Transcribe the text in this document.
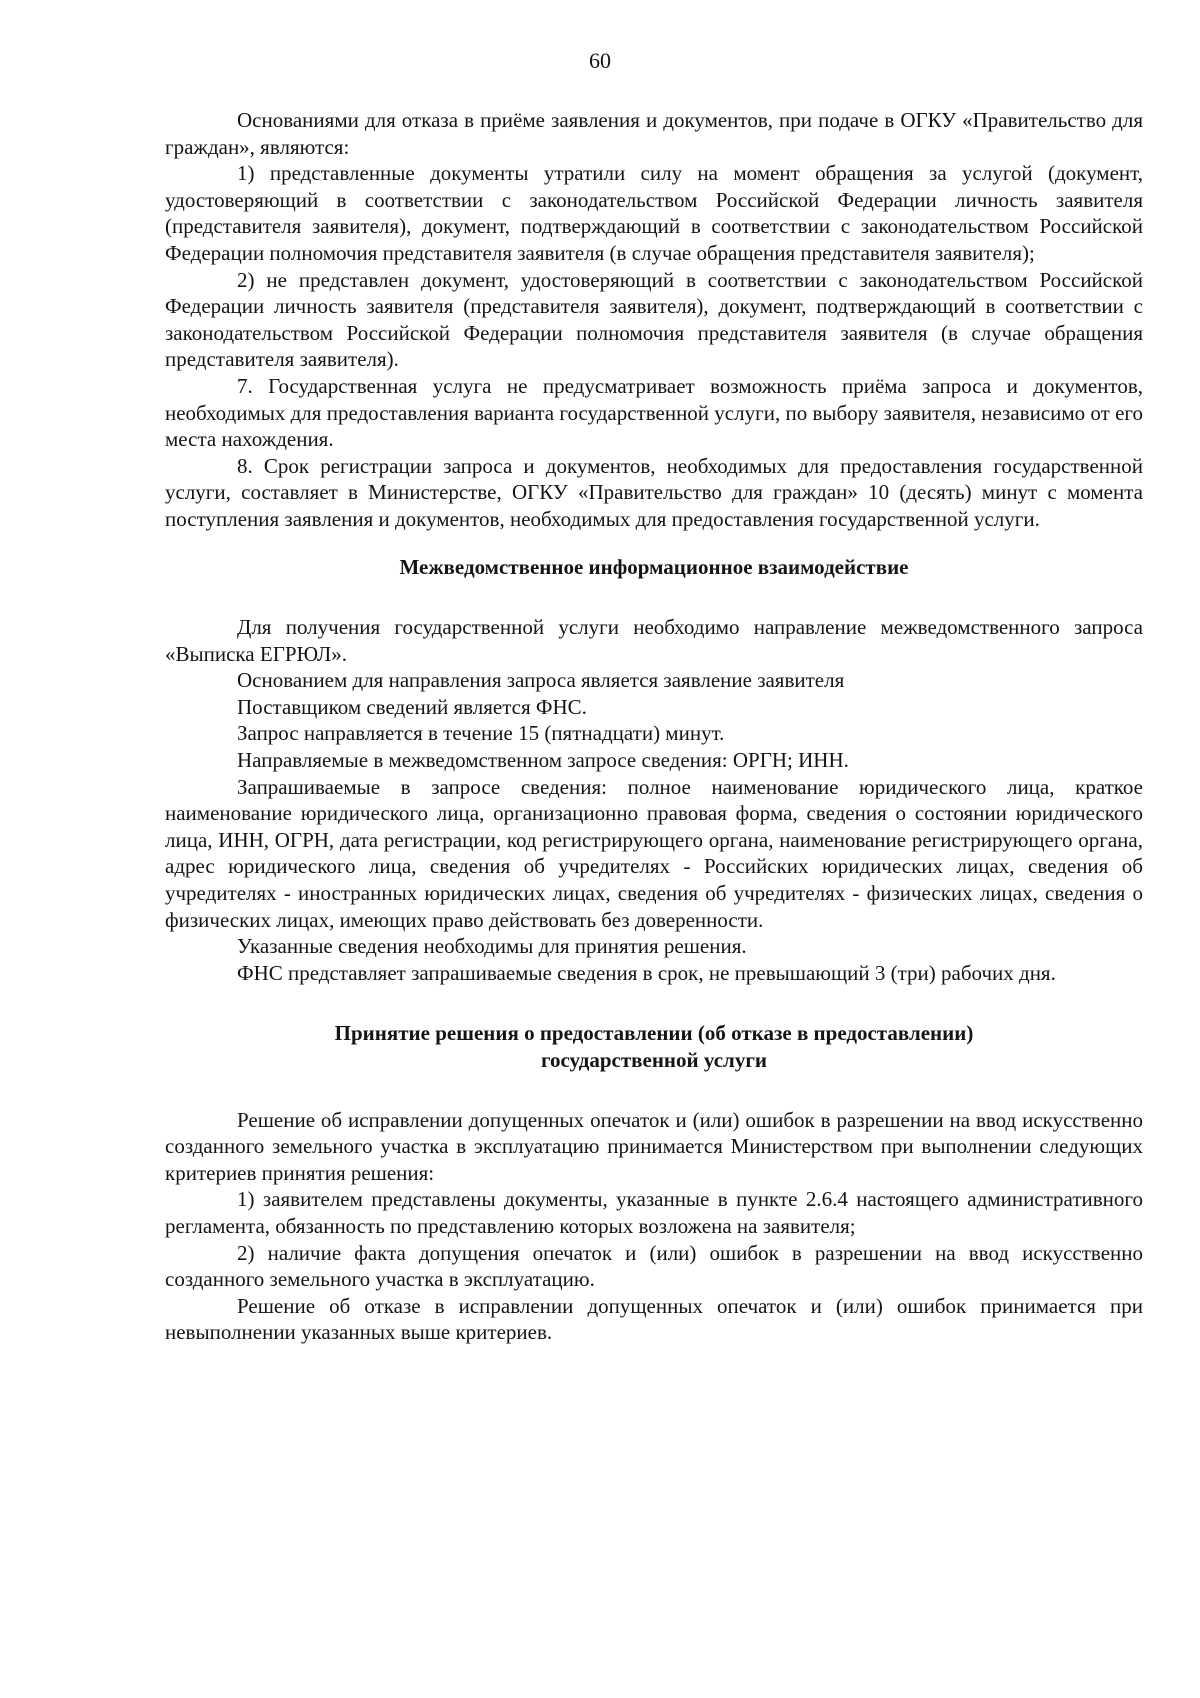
60

Основаниями для отказа в приёме заявления и документов, при подаче в ОГКУ «Правительство для граждан», являются:

1) представленные документы утратили силу на момент обращения за услугой (документ, удостоверяющий в соответствии с законодательством Российской Федерации личность заявителя (представителя заявителя), документ, подтверждающий в соответствии с законодательством Российской Федерации полномочия представителя заявителя (в случае обращения представителя заявителя);

2) не представлен документ, удостоверяющий в соответствии с законодательством Российской Федерации личность заявителя (представителя заявителя), документ, подтверждающий в соответствии с законодательством Российской Федерации полномочия представителя заявителя (в случае обращения представителя заявителя).

7. Государственная услуга не предусматривает возможность приёма запроса и документов, необходимых для предоставления варианта государственной услуги, по выбору заявителя, независимо от его места нахождения.

8. Срок регистрации запроса и документов, необходимых для предоставления государственной услуги, составляет в Министерстве, ОГКУ «Правительство для граждан» 10 (десять) минут с момента поступления заявления и документов, необходимых для предоставления государственной услуги.

Межведомственное информационное взаимодействие

Для получения государственной услуги необходимо направление межведомственного запроса «Выписка ЕГРЮЛ».

Основанием для направления запроса является заявление заявителя

Поставщиком сведений является ФНС.

Запрос направляется в течение 15 (пятнадцати) минут.

Направляемые в межведомственном запросе сведения: ОРГН; ИНН.

Запрашиваемые в запросе сведения: полное наименование юридического лица, краткое наименование юридического лица, организационно правовая форма, сведения о состоянии юридического лица, ИНН, ОГРН, дата регистрации, код регистрирующего органа, наименование регистрирующего органа, адрес юридического лица, сведения об учредителях - Российских юридических лицах, сведения об учредителях - иностранных юридических лицах, сведения об учредителях - физических лицах, сведения о физических лицах, имеющих право действовать без доверенности.

Указанные сведения необходимы для принятия решения.

ФНС представляет запрашиваемые сведения в срок, не превышающий 3 (три) рабочих дня.

Принятие решения о предоставлении (об отказе в предоставлении)
государственной услуги

Решение об исправлении допущенных опечаток и (или) ошибок в разрешении на ввод искусственно созданного земельного участка в эксплуатацию принимается Министерством при выполнении следующих критериев принятия решения:

1) заявителем представлены документы, указанные в пункте 2.6.4 настоящего административного регламента, обязанность по представлению которых возложена на заявителя;

2) наличие факта допущения опечаток и (или) ошибок в разрешении на ввод искусственно созданного земельного участка в эксплуатацию.

Решение об отказе в исправлении допущенных опечаток и (или) ошибок принимается при невыполнении указанных выше критериев.
